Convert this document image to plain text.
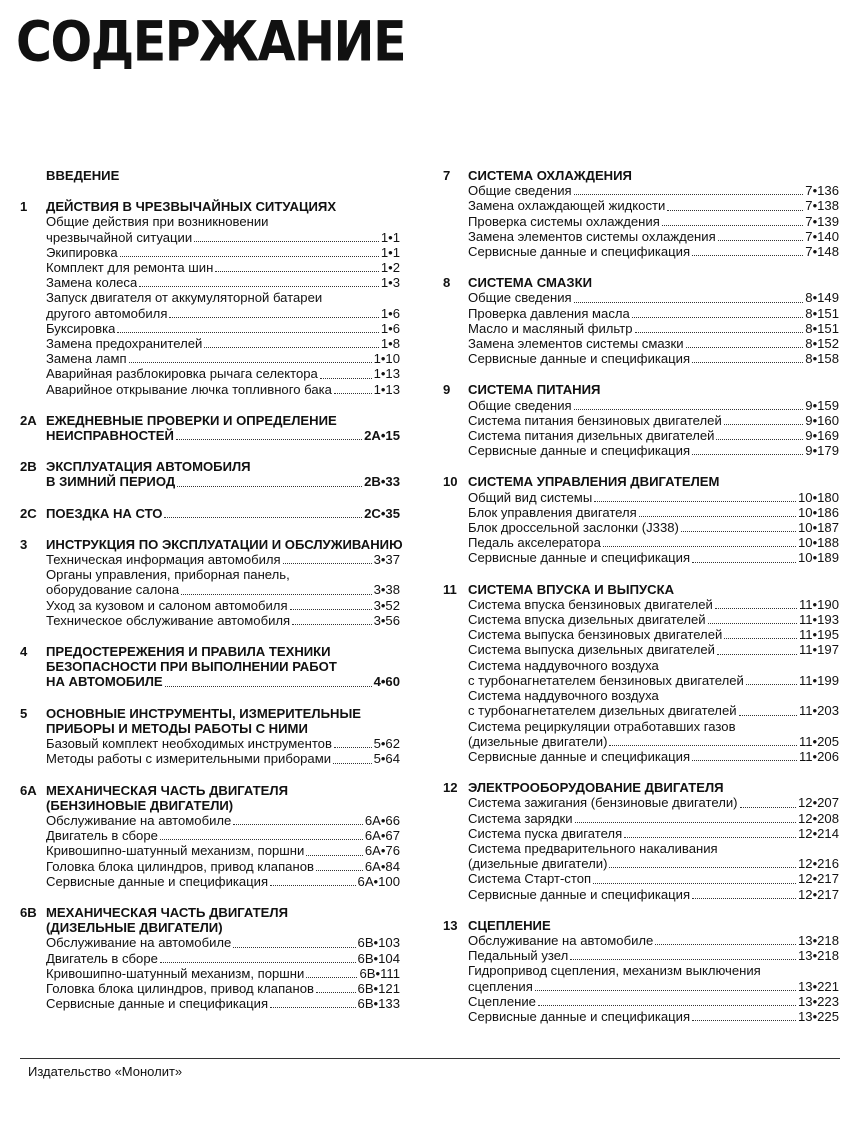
СОДЕРЖАНИЕ
ВВЕДЕНИЕ
1	ДЕЙСТВИЯ В ЧРЕЗВЫЧАЙНЫХ СИТУАЦИЯХ
Общие действия при возникновении
чрезвычайной ситуации	1•1
Экипировка	1•1
Комплект для ремонта шин	1•2
Замена колеса	1•3
Запуск двигателя от аккумуляторной батареи
другого автомобиля	1•6
Буксировка	1•6
Замена предохранителей	1•8
Замена ламп	1•10
Аварийная разблокировка рычага селектора	1•13
Аварийное открывание лючка топливного бака	1•13
2A ЕЖЕДНЕВНЫЕ ПРОВЕРКИ И ОПРЕДЕЛЕНИЕ
НЕИСПРАВНОСТЕЙ	2A•15
2B ЭКСПЛУАТАЦИЯ АВТОМОБИЛЯ
В ЗИМНИЙ ПЕРИОД	2B•33
2C ПОЕЗДКА НА СТО	2C•35
3	ИНСТРУКЦИЯ ПО ЭКСПЛУАТАЦИИ И ОБСЛУЖИВАНИЮ
Техническая информация автомобиля	3•37
Органы управления, приборная панель,
оборудование салона	3•38
Уход за кузовом и салоном автомобиля	3•52
Техническое обслуживание автомобиля	3•56
4	ПРЕДОСТЕРЕЖЕНИЯ И ПРАВИЛА ТЕХНИКИ
БЕЗОПАСНОСТИ ПРИ ВЫПОЛНЕНИИ РАБОТ
НА АВТОМОБИЛЕ	4•60
5	ОСНОВНЫЕ ИНСТРУМЕНТЫ, ИЗМЕРИТЕЛЬНЫЕ
ПРИБОРЫ И МЕТОДЫ РАБОТЫ С НИМИ
Базовый комплект необходимых инструментов	5•62
Методы работы с измерительными приборами	5•64
6A МЕХАНИЧЕСКАЯ ЧАСТЬ ДВИГАТЕЛЯ
(БЕНЗИНОВЫЕ ДВИГАТЕЛИ)
Обслуживание на автомобиле	6A•66
Двигатель в сборе	6A•67
Кривошипно-шатунный механизм, поршни	6A•76
Головка блока цилиндров, привод клапанов	6A•84
Сервисные данные и спецификация	6A•100
6B МЕХАНИЧЕСКАЯ ЧАСТЬ ДВИГАТЕЛЯ
(ДИЗЕЛЬНЫЕ ДВИГАТЕЛИ)
Обслуживание на автомобиле	6B•103
Двигатель в сборе	6B•104
Кривошипно-шатунный механизм, поршни	6B•111
Головка блока цилиндров, привод клапанов	6B•121
Сервисные данные и спецификация	6B•133
7	СИСТЕМА ОХЛАЖДЕНИЯ
Общие сведения	7•136
Замена охлаждающей жидкости	7•138
Проверка системы охлаждения	7•139
Замена элементов системы охлаждения	7•140
Сервисные данные и спецификация	7•148
8	СИСТЕМА СМАЗКИ
Общие сведения	8•149
Проверка давления масла	8•151
Масло и масляный фильтр	8•151
Замена элементов системы смазки	8•152
Сервисные данные и спецификация	8•158
9	СИСТЕМА ПИТАНИЯ
Общие сведения	9•159
Система питания бензиновых двигателей	9•160
Система питания дизельных двигателей	9•169
Сервисные данные и спецификация	9•179
10 СИСТЕМА УПРАВЛЕНИЯ ДВИГАТЕЛЕМ
Общий вид системы	10•180
Блок управления двигателя	10•186
Блок дроссельной заслонки (J338)	10•187
Педаль акселератора	10•188
Сервисные данные и спецификация	10•189
11 СИСТЕМА ВПУСКА И ВЫПУСКА
Система впуска бензиновых двигателей	11•190
Система впуска дизельных двигателей	11•193
Система выпуска бензиновых двигателей	11•195
Система выпуска дизельных двигателей	11•197
Система наддувочного воздуха
с турбонагнетателем бензиновых двигателей	11•199
Система наддувочного воздуха
с турбонагнетателем дизельных двигателей	11•203
Система рециркуляции отработавших газов
(дизельные двигатели)	11•205
Сервисные данные и спецификация	11•206
12 ЭЛЕКТРООБОРУДОВАНИЕ ДВИГАТЕЛЯ
Система зажигания (бензиновые двигатели)	12•207
Система зарядки	12•208
Система пуска двигателя	12•214
Система предварительного накаливания
(дизельные двигатели)	12•216
Система Старт-стоп	12•217
Сервисные данные и спецификация	12•217
13 СЦЕПЛЕНИЕ
Обслуживание на автомобиле	13•218
Педальный узел	13•218
Гидропривод сцепления, механизм выключения
сцепления	13•221
Сцепление	13•223
Сервисные данные и спецификация	13•225
Издательство «Монолит»
